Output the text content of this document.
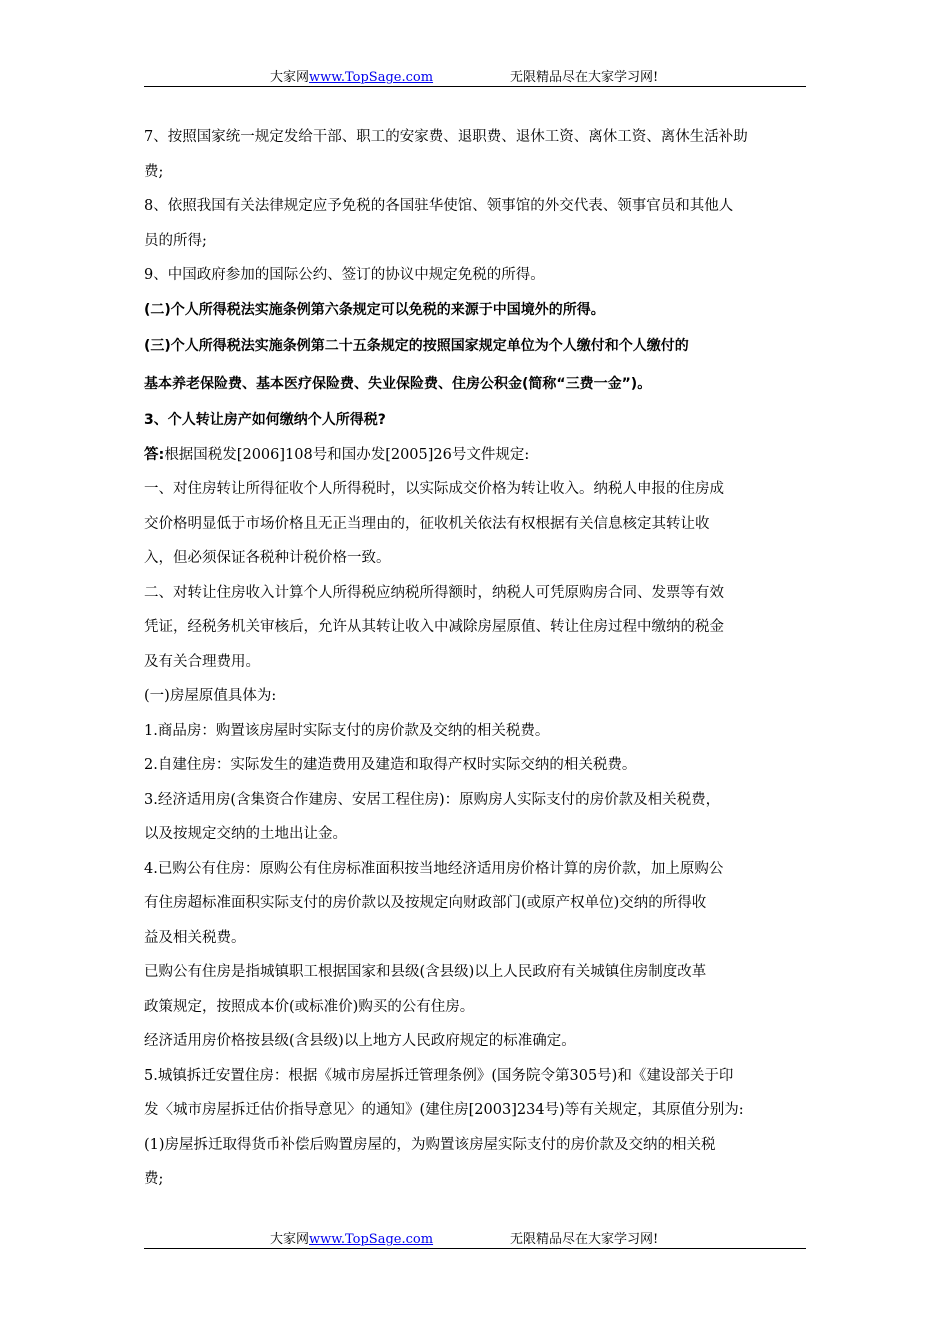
大家网www.TopSage.com	无限精品尽在大家学习网!
7、按照国家统一规定发给干部、职工的安家费、退职费、退休工资、离休工资、离休生活补助
费;
8、依照我国有关法律规定应予免税的各国驻华使馆、领事馆的外交代表、领事官员和其他人
员的所得;
9、中国政府参加的国际公约、签订的协议中规定免税的所得。
(二)个人所得税法实施条例第六条规定可以免税的来源于中国境外的所得。
(三)个人所得税法实施条例第二十五条规定的按照国家规定单位为个人缴付和个人缴付的
基本养老保险费、基本医疗保险费、失业保险费、住房公积金(简称“三费一金”)。
3、个人转让房产如何缴纳个人所得税?
答:根据国税发[2006]108号和国办发[2005]26号文件规定:
一、对住房转让所得征收个人所得税时，以实际成交价格为转让收入。纳税人申报的住房成
交价格明显低于市场价格且无正当理由的，征收机关依法有权根据有关信息核定其转让收
入，但必须保证各税种计税价格一致。
二、对转让住房收入计算个人所得税应纳税所得额时，纳税人可凭原购房合同、发票等有效
凭证，经税务机关审核后，允许从其转让收入中减除房屋原值、转让住房过程中缴纳的税金
及有关合理费用。
(一)房屋原值具体为:
1.商品房：购置该房屋时实际支付的房价款及交纳的相关税费。
2.自建住房：实际发生的建造费用及建造和取得产权时实际交纳的相关税费。
3.经济适用房(含集资合作建房、安居工程住房)：原购房人实际支付的房价款及相关税费，
以及按规定交纳的土地出让金。
4.已购公有住房：原购公有住房标准面积按当地经济适用房价格计算的房价款，加上原购公
有住房超标准面积实际支付的房价款以及按规定向财政部门(或原产权单位)交纳的所得收
益及相关税费。
已购公有住房是指城镇职工根据国家和县级(含县级)以上人民政府有关城镇住房制度改革
政策规定，按照成本价(或标准价)购买的公有住房。
经济适用房价格按县级(含县级)以上地方人民政府规定的标准确定。
5.城镇拆迁安置住房：根据《城市房屋拆迁管理条例》(国务院令第305号)和《建设部关于印
发〈城市房屋拆迁估价指导意见〉的通知》(建住房[2003]234号)等有关规定，其原值分别为:
(1)房屋拆迁取得货币补偿后购置房屋的，为购置该房屋实际支付的房价款及交纳的相关税
费;
大家网www.TopSage.com	无限精品尽在大家学习网!
